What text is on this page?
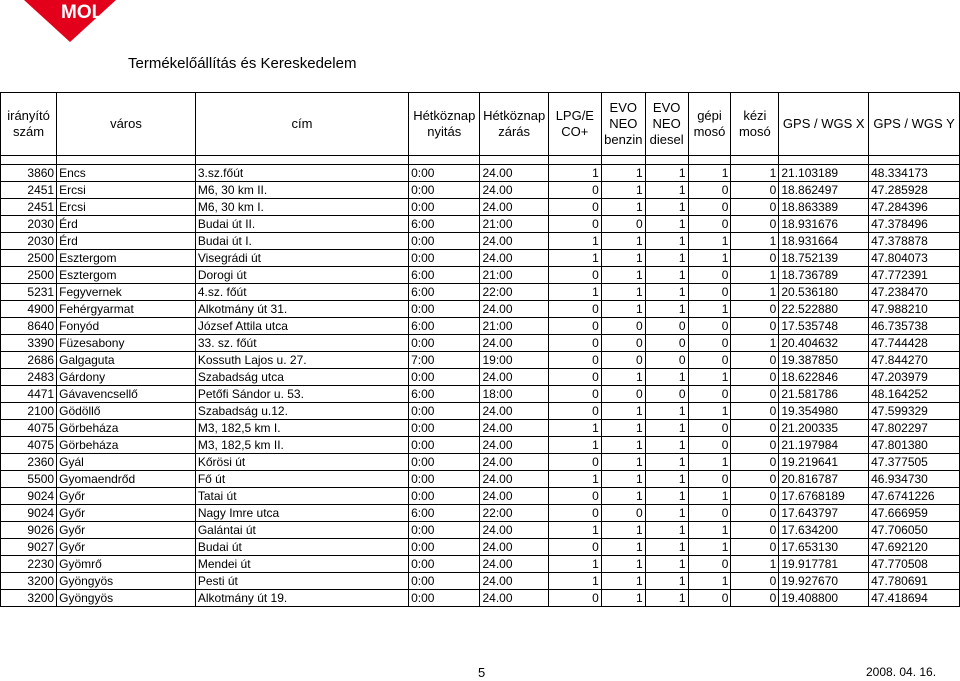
MOL
Termékelőállítás és Kereskedelem
irányító szám	város	cím	Hétköznap nyitás	Hétköznap zárás	LPG/E CO+	EVO NEO benzin	EVO NEO diesel	gépi mosó	kézi mosó	GPS / WGS X	GPS / WGS Y

3860	Encs	3.sz.főút	0:00	24.00	1	1	1	1	1	21.103189	48.334173
2451	Ercsi	M6, 30 km II.	0:00	24.00	0	1	1	0	0	18.862497	47.285928
2451	Ercsi	M6, 30 km I.	0:00	24.00	0	1	1	0	0	18.863389	47.284396
2030	Érd	Budai út II.	6:00	21:00	0	0	1	0	0	18.931676	47.378496
2030	Érd	Budai út I.	0:00	24.00	1	1	1	1	1	18.931664	47.378878
2500	Esztergom	Visegrádi út	0:00	24.00	1	1	1	1	0	18.752139	47.804073
2500	Esztergom	Dorogi út	6:00	21:00	0	1	1	0	1	18.736789	47.772391
5231	Fegyvernek	4.sz. főút	6:00	22:00	1	1	1	0	1	20.536180	47.238470
4900	Fehérgyarmat	Alkotmány út 31.	0:00	24.00	0	1	1	1	0	22.522880	47.988210
8640	Fonyód	József Attila utca	6:00	21:00	0	0	0	0	0	17.535748	46.735738
3390	Füzesabony	33. sz. főút	0:00	24.00	0	0	0	0	1	20.404632	47.744428
2686	Galgaguta	Kossuth Lajos u. 27.	7:00	19:00	0	0	0	0	0	19.387850	47.844270
2483	Gárdony	Szabadság utca	0:00	24.00	0	1	1	1	0	18.622846	47.203979
4471	Gávavencsellő	Petőfi Sándor u. 53.	6:00	18:00	0	0	0	0	0	21.581786	48.164252
2100	Gödöllő	Szabadság u.12.	0:00	24.00	0	1	1	1	0	19.354980	47.599329
4075	Görbeháza	M3, 182,5 km I.	0:00	24.00	1	1	1	0	0	21.200335	47.802297
4075	Görbeháza	M3, 182,5 km II.	0:00	24.00	1	1	1	0	0	21.197984	47.801380
2360	Gyál	Kőrösi út	0:00	24.00	0	1	1	1	0	19.219641	47.377505
5500	Gyomaendrőd	Fő út	0:00	24.00	1	1	1	0	0	20.816787	46.934730
9024	Győr	Tatai út	0:00	24.00	0	1	1	1	0	17.6768189	47.6741226
9024	Győr	Nagy Imre utca	6:00	22:00	0	0	1	0	0	17.643797	47.666959
9026	Győr	Galántai út	0:00	24.00	1	1	1	1	0	17.634200	47.706050
9027	Győr	Budai út	0:00	24.00	0	1	1	1	0	17.653130	47.692120
2230	Gyömrő	Mendei út	0:00	24.00	1	1	1	0	1	19.917781	47.770508
3200	Gyöngyös	Pesti út	0:00	24.00	1	1	1	1	0	19.927670	47.780691
3200	Gyöngyös	Alkotmány út 19.	0:00	24.00	0	1	1	0	0	19.408800	47.418694
5	2008. 04. 16.
